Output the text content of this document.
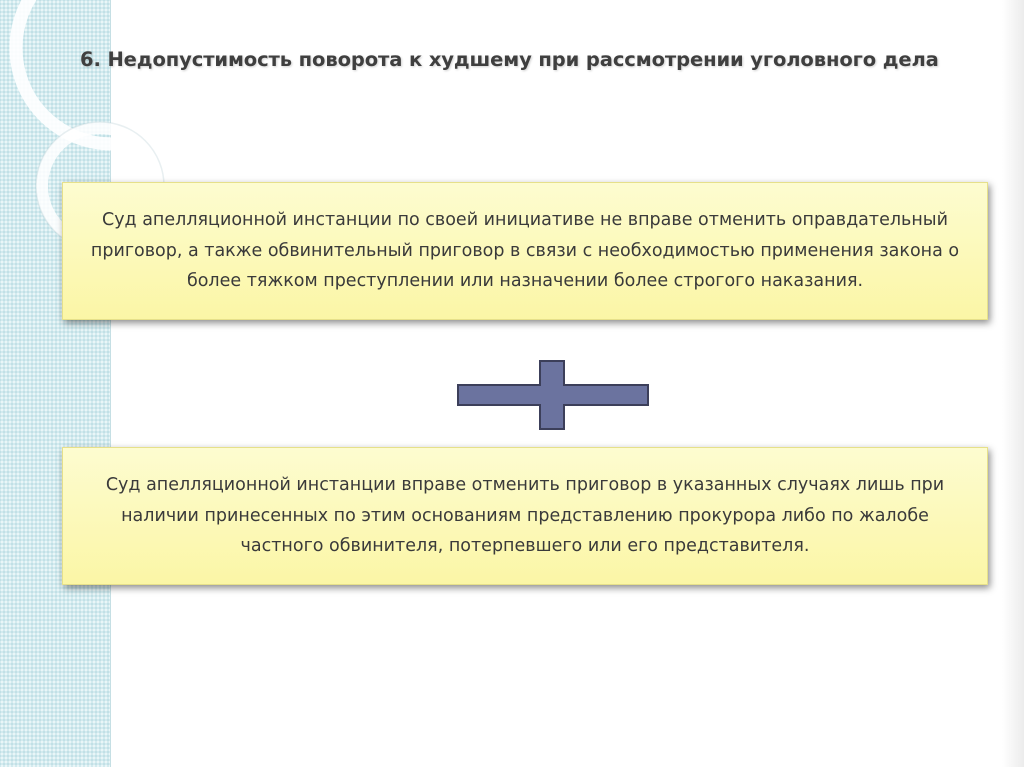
6. Недопустимость поворота к худшему при рассмотрении уголовного дела

Суд апелляционной инстанции по своей инициативе не вправе отменить оправдательный приговор, а также обвинительный приговор в связи с необходимостью применения закона о более тяжком преступлении или назначении более строгого наказания.

Суд апелляционной инстанции вправе отменить приговор в указанных случаях лишь при наличии принесенных по этим основаниям представлению прокурора либо по жалобе частного обвинителя, потерпевшего или его представителя.
